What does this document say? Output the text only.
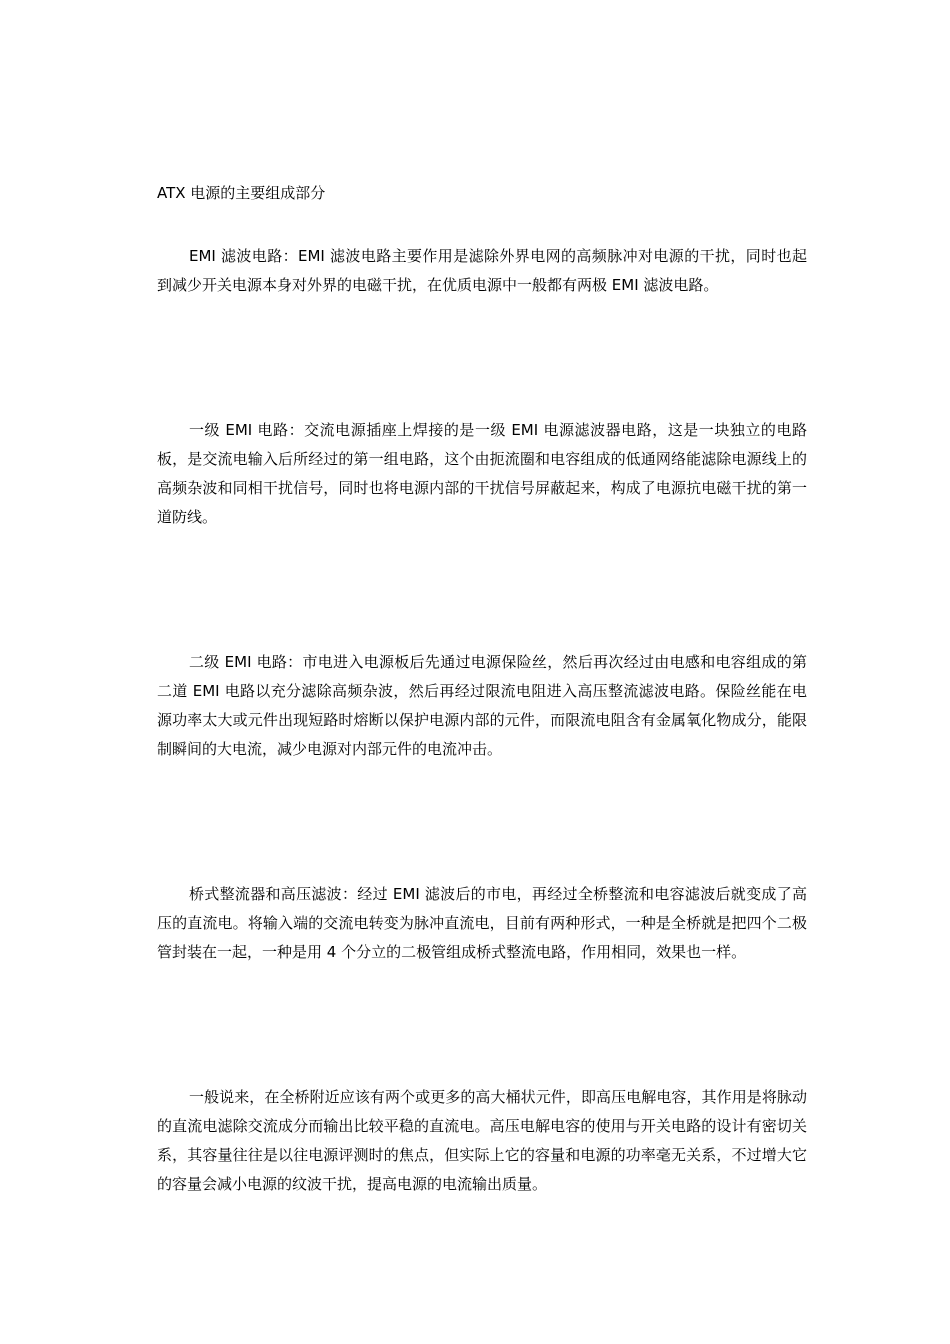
ATX 电源的主要组成部分

EMI 滤波电路：EMI 滤波电路主要作用是滤除外界电网的高频脉冲对电源的干扰，同时也起到减少开关电源本身对外界的电磁干扰，在优质电源中一般都有两极 EMI 滤波电路。

一级 EMI 电路：交流电源插座上焊接的是一级 EMI 电源滤波器电路，这是一块独立的电路板，是交流电输入后所经过的第一组电路，这个由扼流圈和电容组成的低通网络能滤除电源线上的高频杂波和同相干扰信号，同时也将电源内部的干扰信号屏蔽起来，构成了电源抗电磁干扰的第一道防线。

二级 EMI 电路：市电进入电源板后先通过电源保险丝，然后再次经过由电感和电容组成的第二道 EMI 电路以充分滤除高频杂波，然后再经过限流电阻进入高压整流滤波电路。保险丝能在电源功率太大或元件出现短路时熔断以保护电源内部的元件，而限流电阻含有金属氧化物成分，能限制瞬间的大电流，减少电源对内部元件的电流冲击。

桥式整流器和高压滤波：经过 EMI 滤波后的市电，再经过全桥整流和电容滤波后就变成了高压的直流电。将输入端的交流电转变为脉冲直流电，目前有两种形式，一种是全桥就是把四个二极管封装在一起，一种是用 4 个分立的二极管组成桥式整流电路，作用相同，效果也一样。

一般说来，在全桥附近应该有两个或更多的高大桶状元件，即高压电解电容，其作用是将脉动的直流电滤除交流成分而输出比较平稳的直流电。高压电解电容的使用与开关电路的设计有密切关系，其容量往往是以往电源评测时的焦点，但实际上它的容量和电源的功率毫无关系，不过增大它的容量会减小电源的纹波干扰，提高电源的电流输出质量。
